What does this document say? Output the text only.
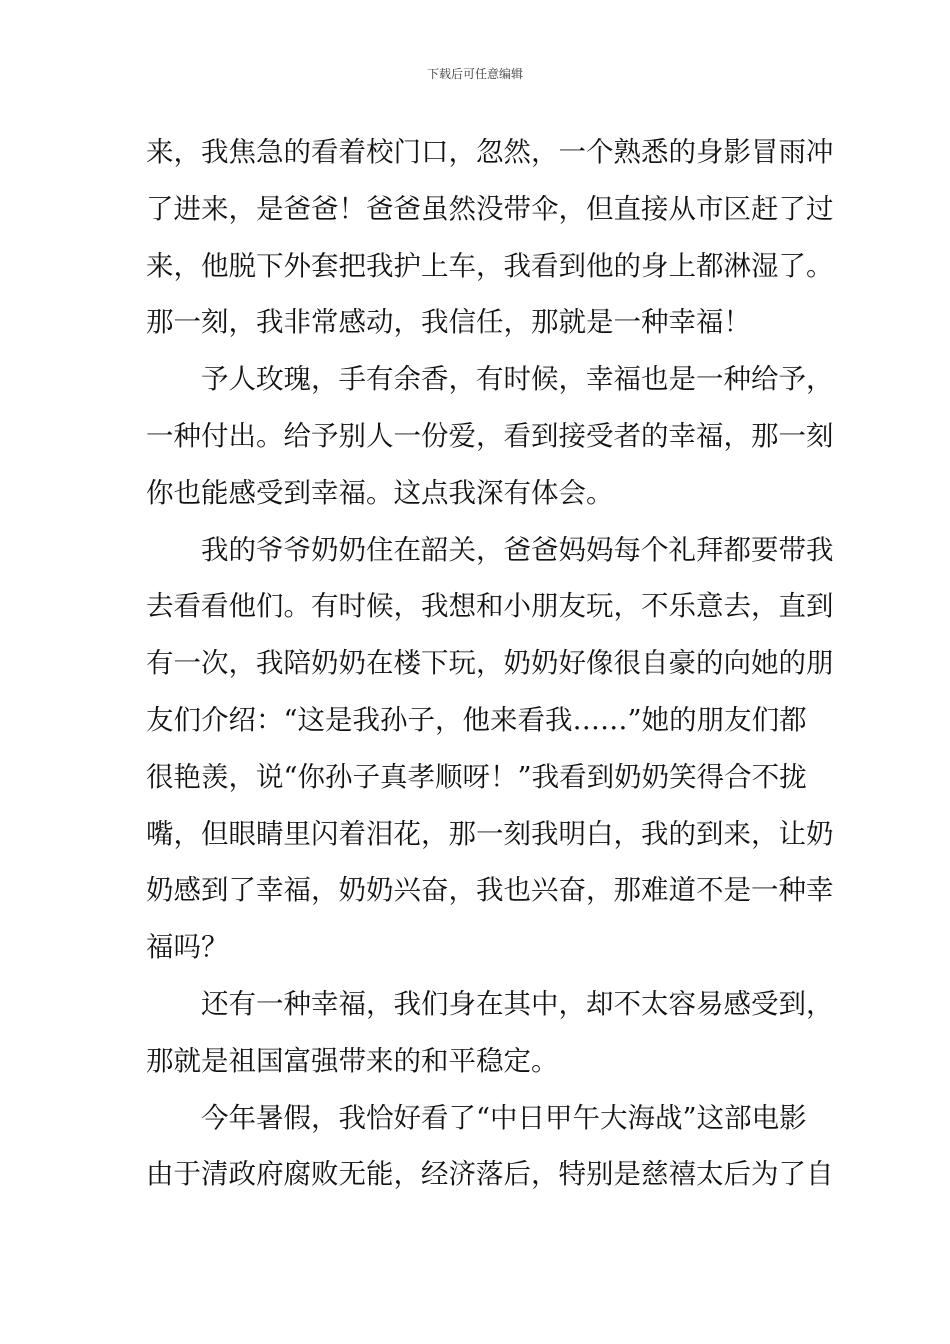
下载后可任意编辑
来，我焦急的看着校门口，忽然，一个熟悉的身影冒雨冲
了进来，是爸爸！爸爸虽然没带伞，但直接从市区赶了过
来，他脱下外套把我护上车，我看到他的身上都淋湿了。
那一刻，我非常感动，我信任，那就是一种幸福！
予人玫瑰，手有余香，有时候，幸福也是一种给予，
一种付出。给予别人一份爱，看到接受者的幸福，那一刻
你也能感受到幸福。这点我深有体会。
我的爷爷奶奶住在韶关，爸爸妈妈每个礼拜都要带我
去看看他们。有时候，我想和小朋友玩，不乐意去，直到
有一次，我陪奶奶在楼下玩，奶奶好像很自豪的向她的朋
友们介绍：“这是我孙子，他来看我……”她的朋友们都
很艳羡，说“你孙子真孝顺呀！”我看到奶奶笑得合不拢
嘴，但眼睛里闪着泪花，那一刻我明白，我的到来，让奶
奶感到了幸福，奶奶兴奋，我也兴奋，那难道不是一种幸
福吗？
还有一种幸福，我们身在其中，却不太容易感受到，
那就是祖国富强带来的和平稳定。
今年暑假，我恰好看了“中日甲午大海战”这部电影
由于清政府腐败无能，经济落后，特别是慈禧太后为了自
